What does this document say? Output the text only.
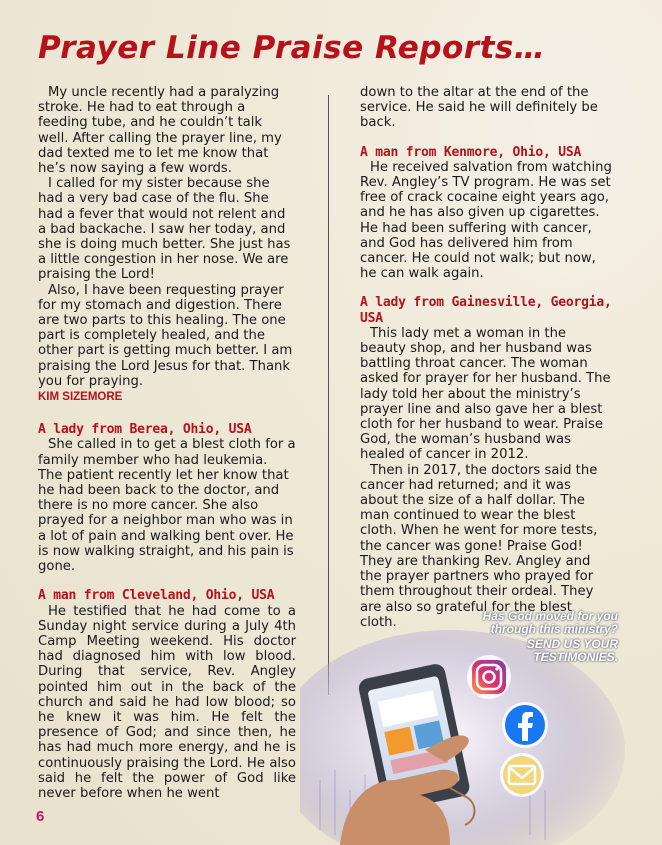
Prayer Line Praise Reports…

My uncle recently had a paralyzing stroke. He had to eat through a feeding tube, and he couldn’t talk well. After calling the prayer line, my dad texted me to let me know that he’s now saying a few words.

I called for my sister because she had a very bad case of the flu. She had a fever that would not relent and a bad backache. I saw her today, and she is doing much better. She just has a little congestion in her nose. We are praising the Lord!

Also, I have been requesting prayer for my stomach and digestion. There are two parts to this healing. The one part is completely healed, and the other part is getting much better. I am praising the Lord Jesus for that. Thank you for praying.

KIM SIZEMORE
A lady from Berea, Ohio, USA

She called in to get a blest cloth for a family member who had leukemia. The patient recently let her know that he had been back to the doctor, and there is no more cancer. She also prayed for a neighbor man who was in a lot of pain and walking bent over. He is now walking straight, and his pain is gone.

A man from Cleveland, Ohio, USA

He testified that he had come to a Sunday night service during a July 4th Camp Meeting weekend. His doctor had diagnosed him with low blood. During that service, Rev. Angley pointed him out in the back of the church and said he had low blood; so he knew it was him. He felt the presence of God; and since then, he has had much more energy, and he is continuously praising the Lord. He also said he felt the power of God like never before when he went

down to the altar at the end of the service. He said he will definitely be back.

A man from Kenmore, Ohio, USA

He received salvation from watching Rev. Angley’s TV program. He was set free of crack cocaine eight years ago, and he has also given up cigarettes. He had been suffering with cancer, and God has delivered him from cancer. He could not walk; but now, he can walk again.

A lady from Gainesville, Georgia, USA

This lady met a woman in the beauty shop, and her husband was battling throat cancer. The woman asked for prayer for her husband. The lady told her about the ministry’s prayer line and also gave her a blest cloth for her husband to wear. Praise God, the woman’s husband was healed of cancer in 2012.

Then in 2017, the doctors said the cancer had returned; and it was about the size of a half dollar. The man continued to wear the blest cloth. When he went for more tests, the cancer was gone! Praise God! They are thanking Rev. Angley and the prayer partners who prayed for them throughout their ordeal. They are also so grateful for the blest cloth.	Has God moved for you
through this ministry?
SEND US YOUR
TESTIMONIES.
6
